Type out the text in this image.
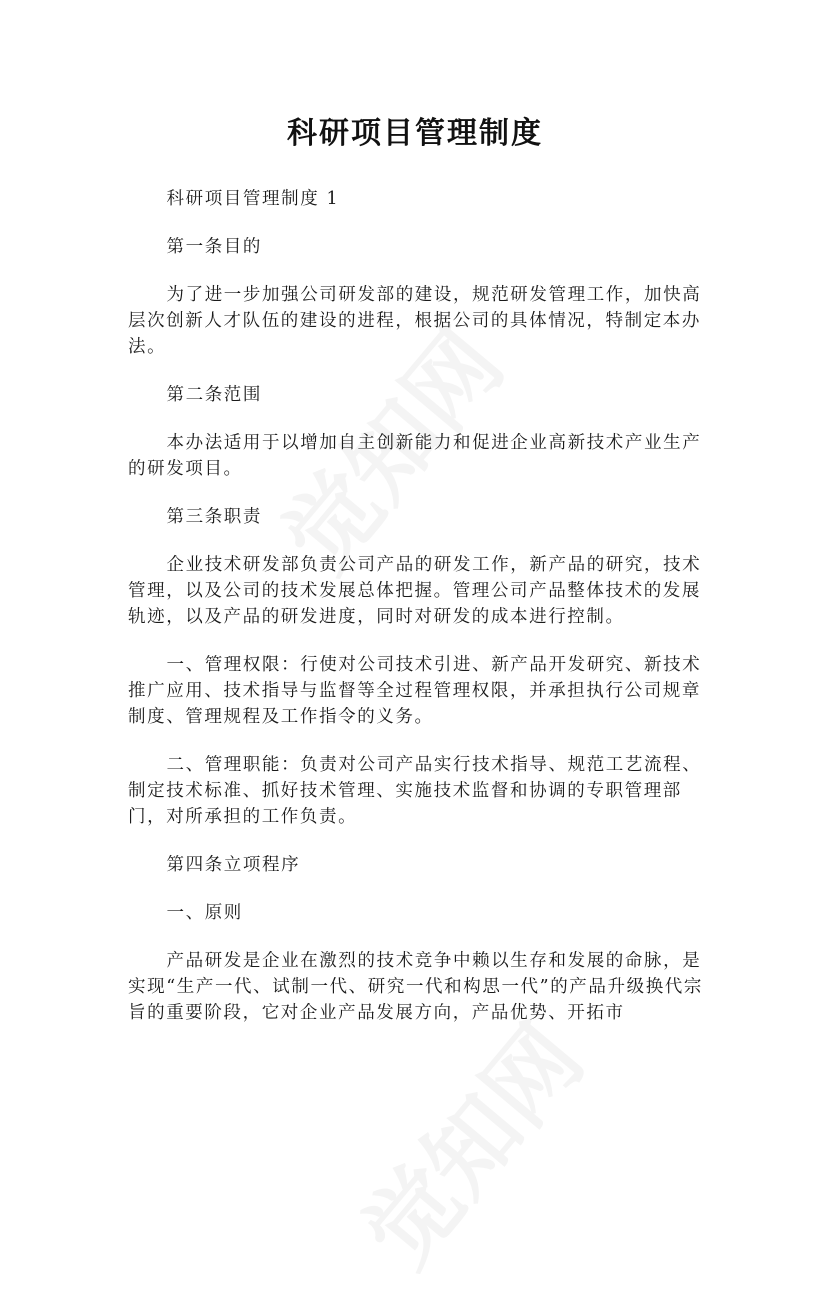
科研项目管理制度

科研项目管理制度 1

第一条目的

为了进一步加强公司研发部的建设，规范研发管理工作，加快高层次创新人才队伍的建设的进程，根据公司的具体情况，特制定本办法。

第二条范围

本办法适用于以增加自主创新能力和促进企业高新技术产业生产的研发项目。

第三条职责

企业技术研发部负责公司产品的研发工作，新产品的研究，技术管理，以及公司的技术发展总体把握。管理公司产品整体技术的发展轨迹，以及产品的研发进度，同时对研发的成本进行控制。

一、管理权限：行使对公司技术引进、新产品开发研究、新技术推广应用、技术指导与监督等全过程管理权限，并承担执行公司规章制度、管理规程及工作指令的义务。

二、管理职能：负责对公司产品实行技术指导、规范工艺流程、制定技术标准、抓好技术管理、实施技术监督和协调的专职管理部门，对所承担的工作负责。

第四条立项程序

一、原则

产品研发是企业在激烈的技术竞争中赖以生存和发展的命脉，是实现“生产一代、试制一代、研究一代和构思一代”的产品升级换代宗旨的重要阶段，它对企业产品发展方向，产品优势、开拓市
